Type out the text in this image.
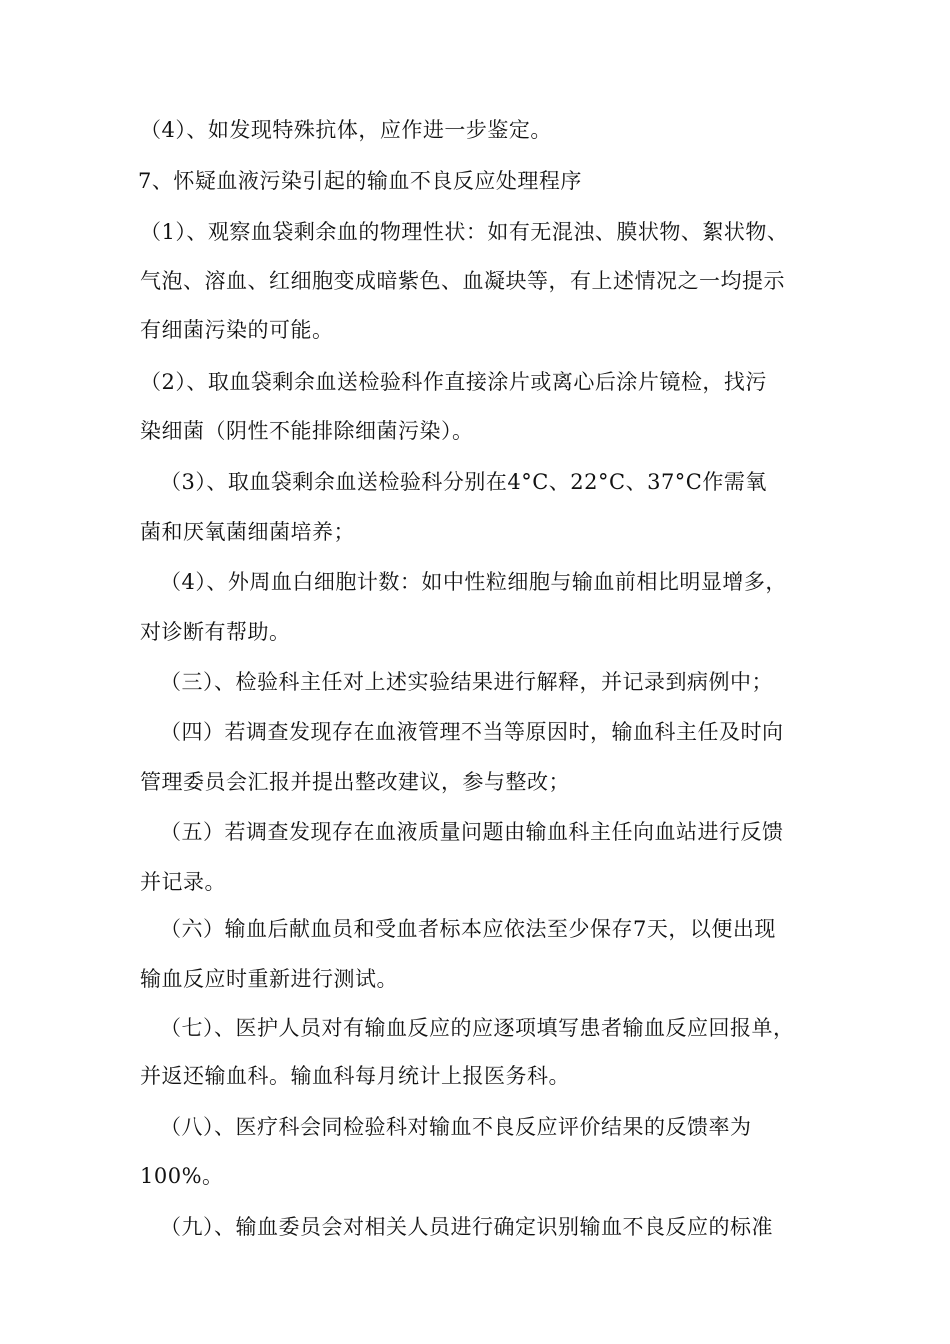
（4）、如发现特殊抗体，应作进一步鉴定。
7、怀疑血液污染引起的输血不良反应处理程序
（1）、观察血袋剩余血的物理性状：如有无混浊、膜状物、絮状物、
气泡、溶血、红细胞变成暗紫色、血凝块等，有上述情况之一均提示
有细菌污染的可能。
（2）、取血袋剩余血送检验科作直接涂片或离心后涂片镜检，找污
染细菌（阴性不能排除细菌污染）。
（3）、取血袋剩余血送检验科分别在4°C、22°C、37°C作需氧
菌和厌氧菌细菌培养；
（4）、外周血白细胞计数：如中性粒细胞与输血前相比明显增多，
对诊断有帮助。
（三）、检验科主任对上述实验结果进行解释，并记录到病例中；
（四）若调查发现存在血液管理不当等原因时，输血科主任及时向
管理委员会汇报并提出整改建议，参与整改；
（五）若调查发现存在血液质量问题由输血科主任向血站进行反馈
并记录。
（六）输血后献血员和受血者标本应依法至少保存7天，以便出现
输血反应时重新进行测试。
（七）、医护人员对有输血反应的应逐项填写患者输血反应回报单，
并返还输血科。输血科每月统计上报医务科。
（八）、医疗科会同检验科对输血不良反应评价结果的反馈率为
100%。
（九）、输血委员会对相关人员进行确定识别输血不良反应的标准
